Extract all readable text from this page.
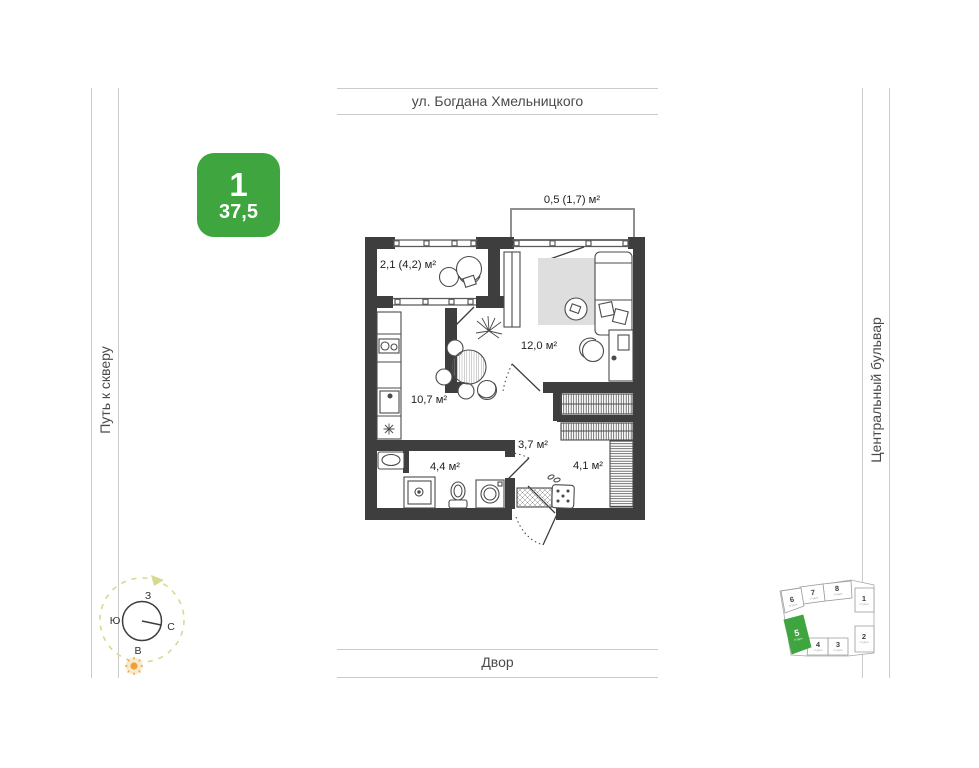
ул. Богдана Хмельницкого
Двор
Путь к скверу	Центральный бульвар
1
37,5
0,5 (1,7) м²
2,1 (4,2) м²
12,0 м²
10,7 м²
3,7 м²
4,4 м²	4,1 м²
З
Ю	С
В
1
2
3
4
6
7	8
5
студия
студия
студия
студия
студия
студия
студия
студия
